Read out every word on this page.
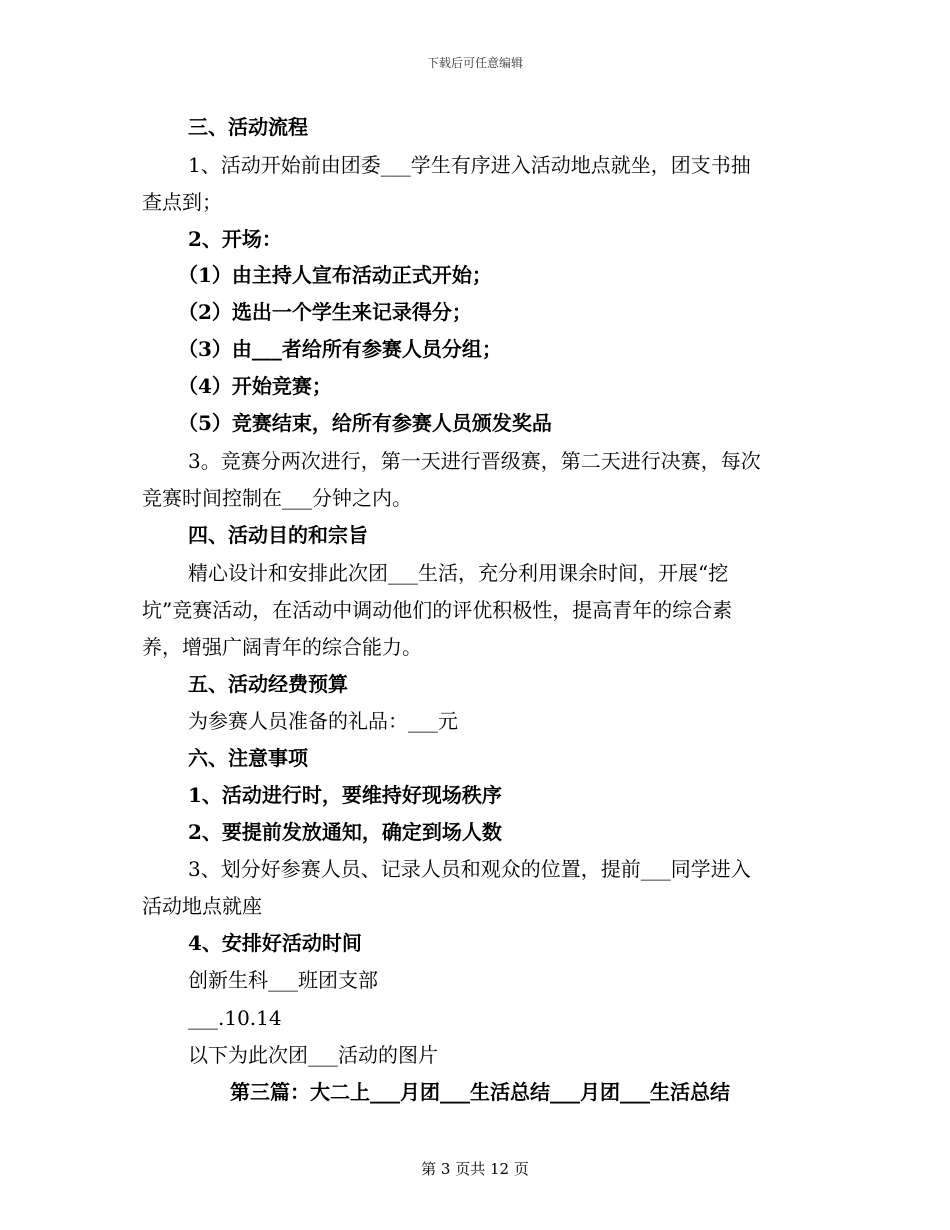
下载后可任意编辑
三、活动流程
1、活动开始前由团委___学生有序进入活动地点就坐，团支书抽
查点到；
2、开场：
（1）由主持人宣布活动正式开始；
（2）选出一个学生来记录得分；
（3）由___者给所有参赛人员分组；
（4）开始竞赛；
（5）竞赛结束，给所有参赛人员颁发奖品
3。竞赛分两次进行，第一天进行晋级赛，第二天进行决赛，每次
竞赛时间控制在___分钟之内。
四、活动目的和宗旨
精心设计和安排此次团___生活，充分利用课余时间，开展“挖
坑”竞赛活动，在活动中调动他们的评优积极性，提高青年的综合素
养，增强广阔青年的综合能力。
五、活动经费预算
为参赛人员准备的礼品：___元
六、注意事项
1、活动进行时，要维持好现场秩序
2、要提前发放通知，确定到场人数
3、划分好参赛人员、记录人员和观众的位置，提前___同学进入
活动地点就座
4、安排好活动时间
创新生科___班团支部
___.10.14
以下为此次团___活动的图片
第三篇：大二上___月团___生活总结___月团___生活总结
第 3 页共 12 页
